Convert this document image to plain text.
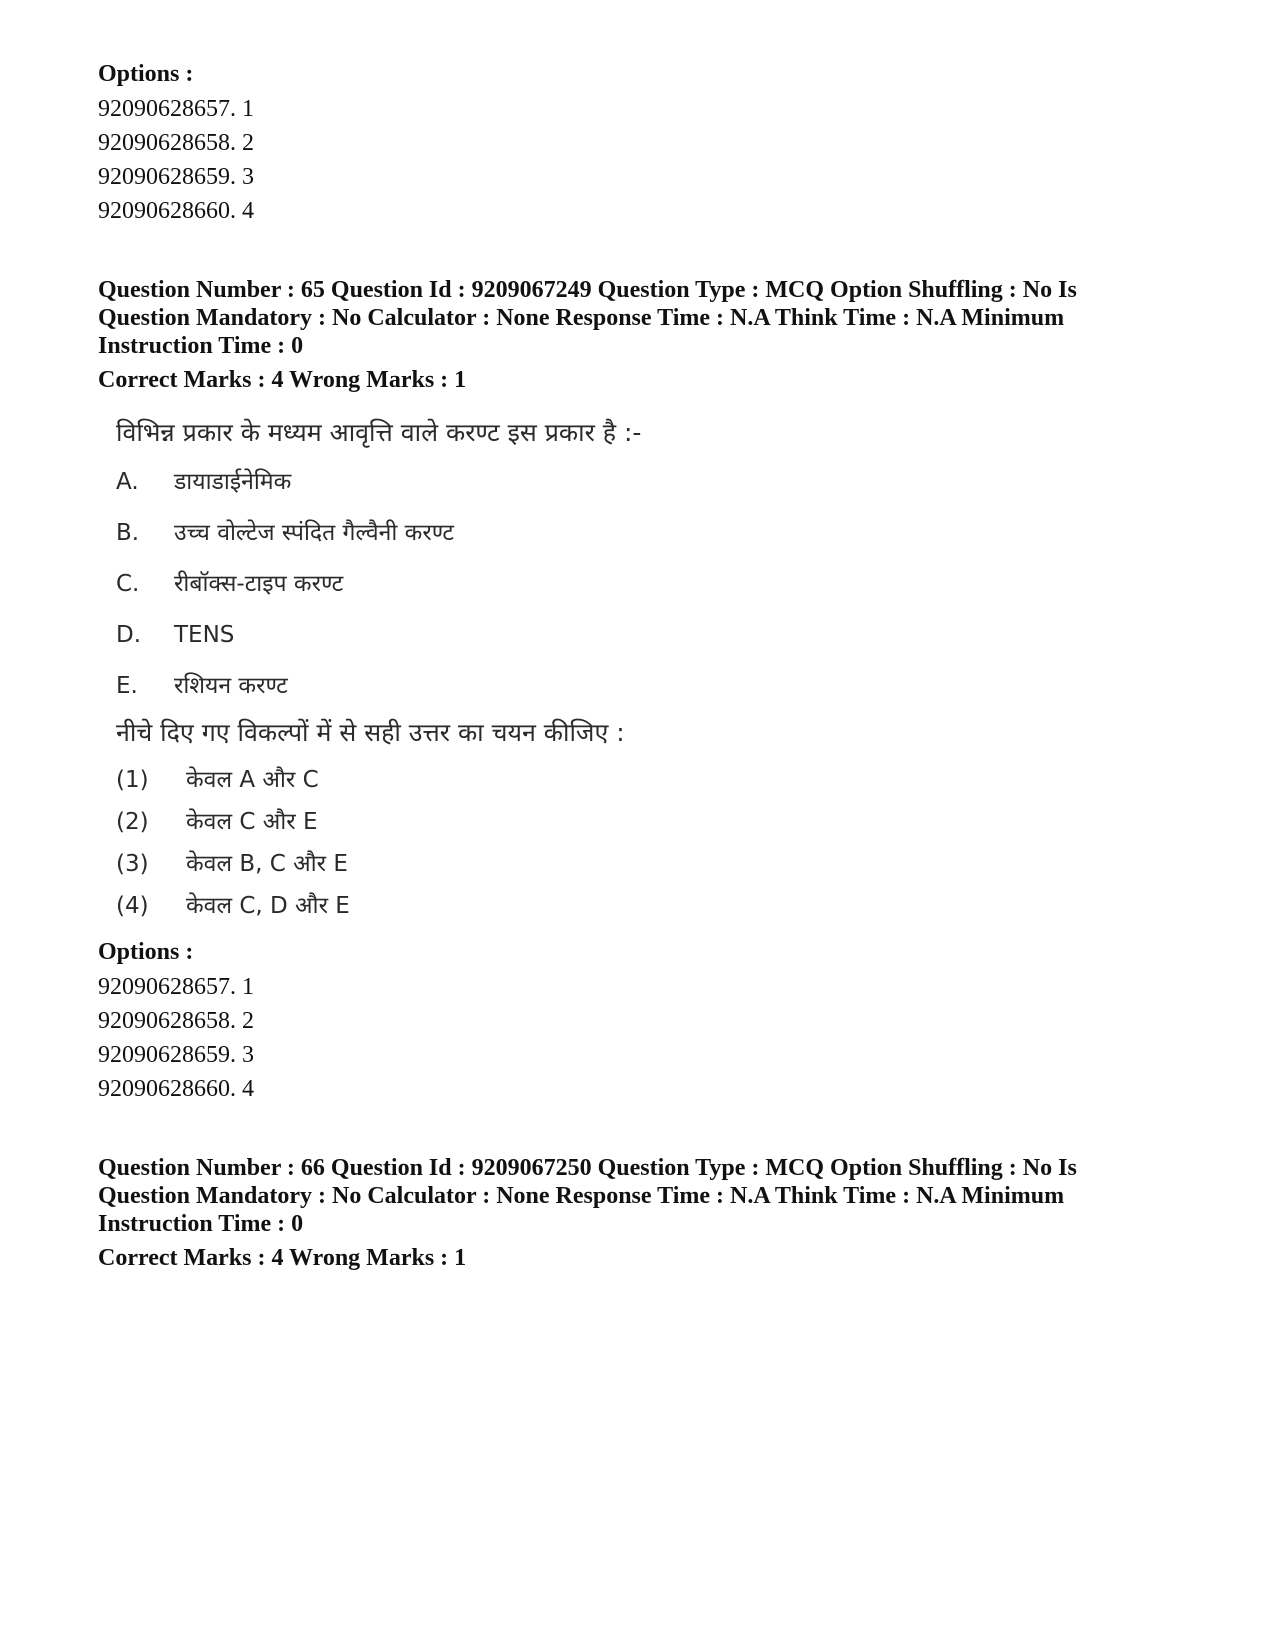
Options :
92090628657. 1
92090628658. 2
92090628659. 3
92090628660. 4
Question Number : 65 Question Id : 9209067249 Question Type : MCQ Option Shuffling : No Is
Question Mandatory : No Calculator : None Response Time : N.A Think Time : N.A Minimum
Instruction Time : 0
Correct Marks : 4 Wrong Marks : 1
विभिन्न प्रकार के मध्यम आवृत्ति वाले करण्ट इस प्रकार है :-
A.	डायाडाईनेमिक
B.	उच्च वोल्टेज स्पंदित गैल्वैनी करण्ट
C.	रीबॉक्स-टाइप करण्ट
D.	TENS
E.	रशियन करण्ट
नीचे दिए गए विकल्पों में से सही उत्तर का चयन कीजिए :
(1)	केवल A और C
(2)	केवल C और E
(3)	केवल B, C और E
(4)	केवल C, D और E
Options :
92090628657. 1
92090628658. 2
92090628659. 3
92090628660. 4
Question Number : 66 Question Id : 9209067250 Question Type : MCQ Option Shuffling : No Is
Question Mandatory : No Calculator : None Response Time : N.A Think Time : N.A Minimum
Instruction Time : 0
Correct Marks : 4 Wrong Marks : 1
